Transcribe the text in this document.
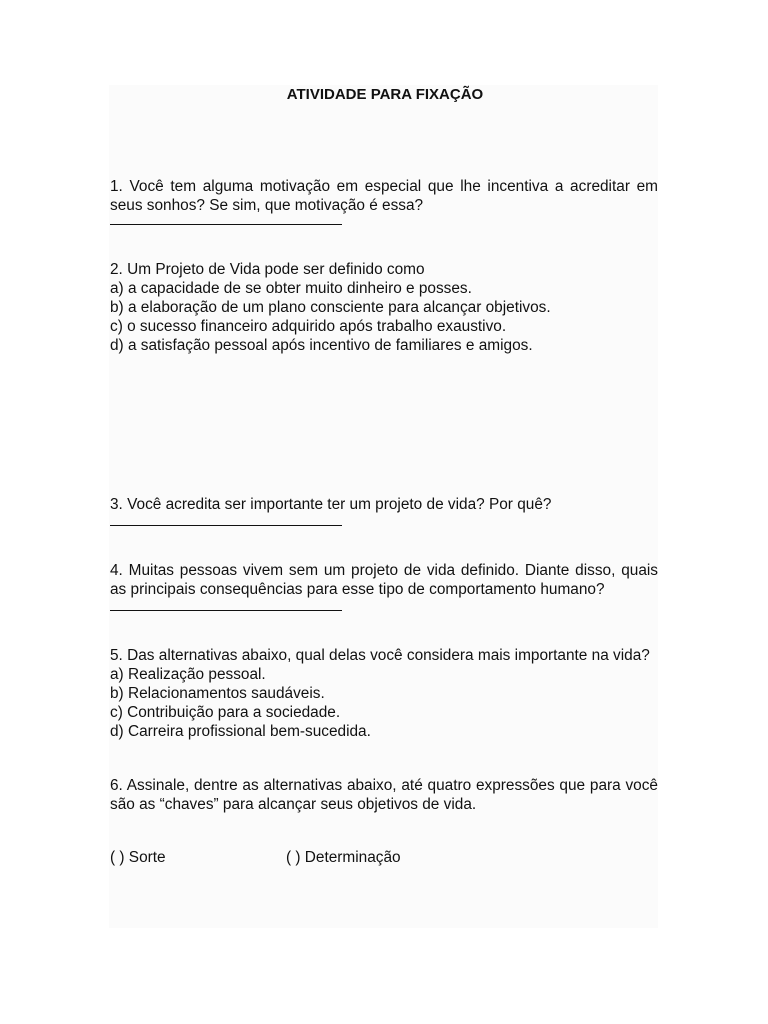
ATIVIDADE PARA FIXAÇÃO

1. Você tem alguma motivação em especial que lhe incentiva a acreditar em seus sonhos? Se sim, que motivação é essa?

2. Um Projeto de Vida pode ser definido como

a) a capacidade de se obter muito dinheiro e posses.

b) a elaboração de um plano consciente para alcançar objetivos.

c) o sucesso financeiro adquirido após trabalho exaustivo.

d) a satisfação pessoal após incentivo de familiares e amigos.

3. Você acredita ser importante ter um projeto de vida? Por quê?

4. Muitas pessoas vivem sem um projeto de vida definido. Diante disso, quais as principais consequências para esse tipo de comportamento humano?

5. Das alternativas abaixo, qual delas você considera mais importante na vida?

a) Realização pessoal.

b) Relacionamentos saudáveis.

c) Contribuição para a sociedade.

d) Carreira profissional bem-sucedida.

6. Assinale, dentre as alternativas abaixo, até quatro expressões que para você são as “chaves” para alcançar seus objetivos de vida.

( ) Sorte	( ) Determinação
